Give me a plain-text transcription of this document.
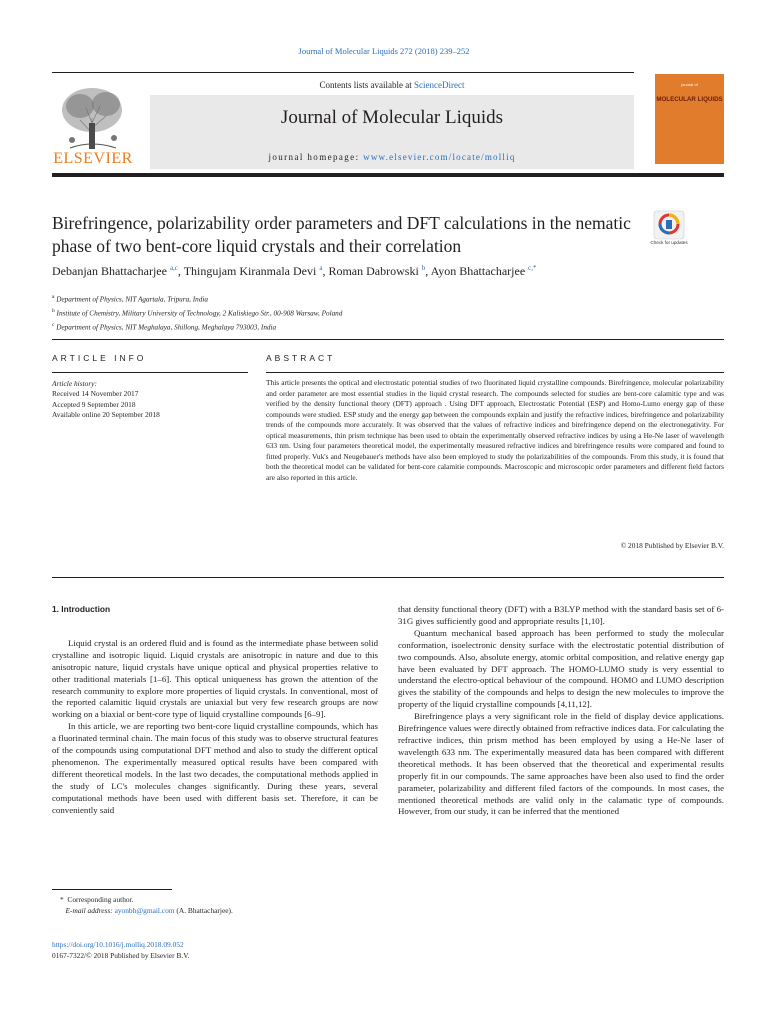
Journal of Molecular Liquids 272 (2018) 239–252
ELSEVIER
Contents lists available at ScienceDirect
Journal of Molecular Liquids
journal homepage: www.elsevier.com/locate/molliq
journal of
MOLECULAR LIQUIDS
Birefringence, polarizability order parameters and DFT calculations in the nematic phase of two bent-core liquid crystals and their correlation	Check for updates
Debanjan Bhattacharjee $^{a,c}$, Thingujam Kiranmala Devi $^a$, Roman Dabrowski $^b$, Ayon Bhattacharjee $^{c,*}$
$^a$ Department of Physics, NIT Agartala, Tripura, India
$^b$ Institute of Chemistry, Military University of Technology, 2 Kaliskiego Str., 00-908 Warsaw, Poland
$^c$ Department of Physics, NIT Meghalaya, Shillong, Meghalaya 793003, India
ARTICLE INFO	ABSTRACT
Article history:
Received 14 November 2017
Accepted 9 September 2018
Available online 20 September 2018
This article presents the optical and electrostatic potential studies of two fluorinated liquid crystalline compounds. Birefringence, molecular polarizability and order parameter are most essential studies in the liquid crystal research. The compounds selected for studies are bent-core calamitic type and was verified by the density functional theory (DFT) approach . Using DFT approach, Electrostatic Potential (ESP) and Homo-Lumo energy gap of these compounds were studied. ESP study and the energy gap between the compounds explain and justify the refractive indices, birefringence and polarizability trends of the compounds more accurately. It was observed that the values of refractive indices and birefringence depend on the electronegativity. For optical measurements, thin prism technique has been used to obtain the experimentally observed refractive indices by using a He-Ne laser of wavelength 633 nm. Using four parameters theoretical model, the experimentally measured refractive indices and birefringence results were compared and found to fitted properly. Vuk's and Neugebauer's methods have also been employed to study the polarizabilities of the compounds. From this study, it is found that both the theoretical model can be validated for bent-core calamitie compounds. Macroscopic and microscopic order parameters and different field factors are also reported in this article.
© 2018 Published by Elsevier B.V.
1. Introduction

Liquid crystal is an ordered fluid and is found as the intermediate phase between solid crystalline and isotropic liquid. Liquid crystals are anisotropic in nature and due to this anisotropic nature, liquid crystals have unique optical and physical properties relative to other traditional materials [1–6]. This optical uniqueness has grown the attention of the research community to explore more properties of liquid crystals. In conventional, most of the reported calamitic liquid crystals are uniaxial but very few research groups are now working on a biaxial or bent-core type of liquid crystalline compounds [6–9].

In this article, we are reporting two bent-core liquid crystalline compounds, which has a fluorinated terminal chain. The main focus of this study was to observe structural features of the compounds using computational DFT method and also to study the different optical phenomenon. The experimentally measured optical results have been compared with different theoretical models. In the last two decades, the computational methods applied in the study of LC's molecules changes significantly. During these years, several computational methods have been used with different basis set. Therefore, it can be conveniently said

that density functional theory (DFT) with a B3LYP method with the standard basis set of 6-31G gives sufficiently good and appropriate results [1,10].

Quantum mechanical based approach has been performed to study the molecular conformation, isoelectronic density surface with the electrostatic potential distribution of two compounds. Also, absolute energy, atomic orbital composition, and relative energy gap have been evaluated by DFT approach. The HOMO-LUMO study is very essential to understand the electro-optical behaviour of the compound. HOMO and LUMO description gives the stability of the compounds and helps to design the new molecules to improve the property of the liquid crystalline compounds [4,11,12].

Birefringence plays a very significant role in the field of display device applications. Birefringence values were directly obtained from refractive indices data. For calculating the refractive indices, thin prism method has been employed by using a He-Ne laser of wavelength 633 nm. The experimentally measured data has been compared with different theoretical methods. It has been observed that the theoretical and experimental results properly fit in our compounds. The same approaches have been also used to find the order parameter, polarizability and different filed factors of the compounds. In most cases, the mentioned theoretical methods are valid only in the calamatic type of compounds. However, from our study, it can be inferred that the mentioned

* Corresponding author.
E-mail address: ayonbh@gmail.com (A. Bhattacharjee).
https://doi.org/10.1016/j.molliq.2018.09.052
0167-7322/© 2018 Published by Elsevier B.V.
